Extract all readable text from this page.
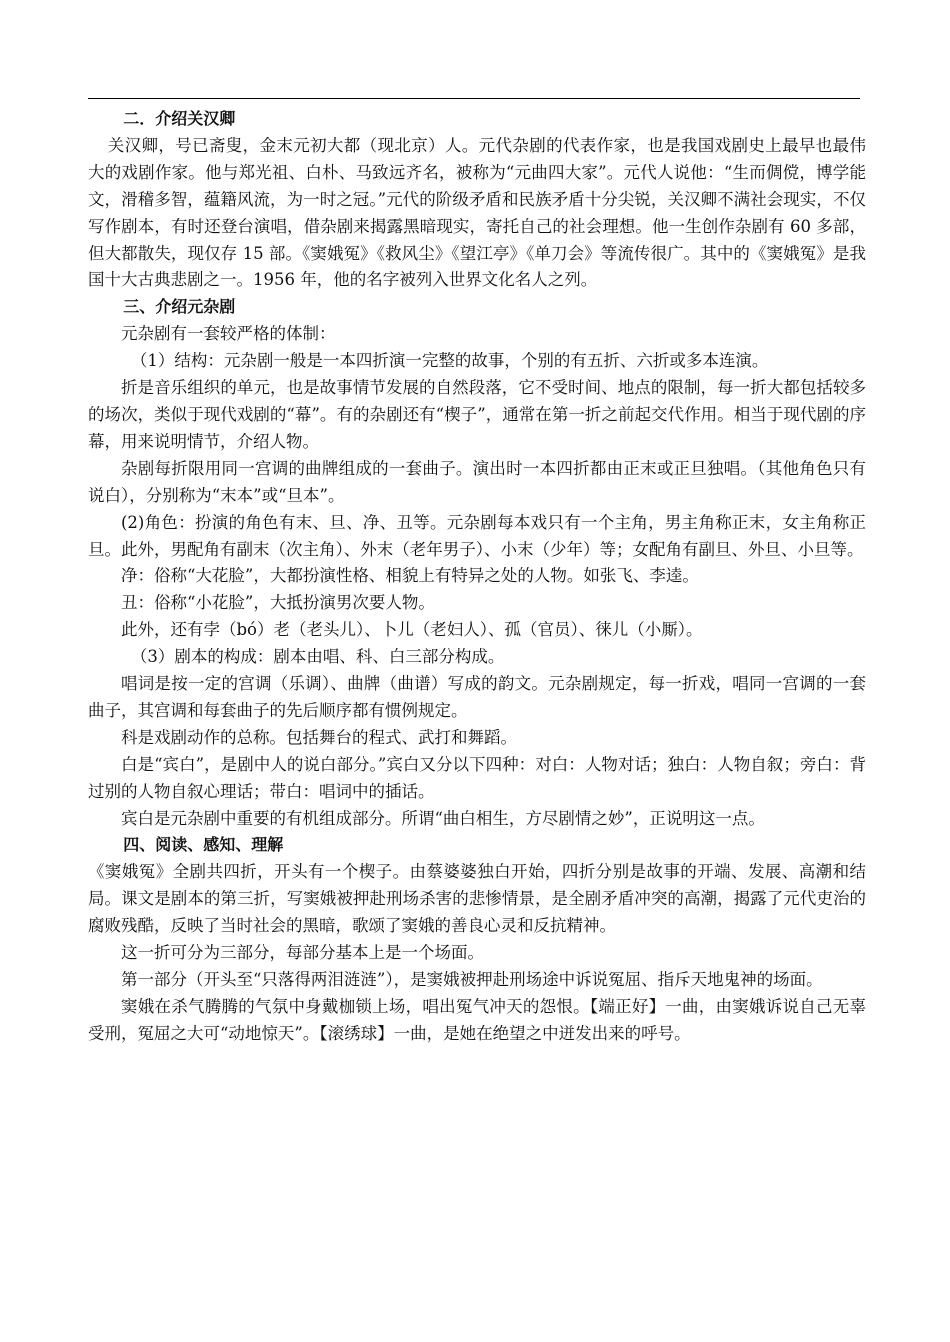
二．介绍关汉卿

关汉卿，号已斋叟，金末元初大都（现北京）人。元代杂剧的代表作家，也是我国戏剧史上最早也最伟大的戏剧作家。他与郑光祖、白朴、马致远齐名，被称为“元曲四大家”。元代人说他：“生而倜傥，博学能文，滑稽多智，蕴籍风流，为一时之冠。”元代的阶级矛盾和民族矛盾十分尖锐，关汉卿不满社会现实，不仅写作剧本，有时还登台演唱，借杂剧来揭露黑暗现实，寄托自己的社会理想。他一生创作杂剧有 60 多部，但大都散失，现仅存 15 部。《窦娥冤》《救风尘》《望江亭》《单刀会》等流传很广。其中的《窦娥冤》是我国十大古典悲剧之一。1956 年，他的名字被列入世界文化名人之列。

三、介绍元杂剧

元杂剧有一套较严格的体制：

（1）结构：元杂剧一般是一本四折演一完整的故事，个别的有五折、六折或多本连演。

折是音乐组织的单元，也是故事情节发展的自然段落，它不受时间、地点的限制，每一折大都包括较多的场次，类似于现代戏剧的“幕”。有的杂剧还有“楔子”，通常在第一折之前起交代作用。相当于现代剧的序幕，用来说明情节，介绍人物。

杂剧每折限用同一宫调的曲牌组成的一套曲子。演出时一本四折都由正末或正旦独唱。（其他角色只有说白），分别称为“末本”或“旦本”。

(2)角色：扮演的角色有末、旦、净、丑等。元杂剧每本戏只有一个主角，男主角称正末，女主角称正旦。此外，男配角有副末（次主角）、外末（老年男子）、小末（少年）等；女配角有副旦、外旦、小旦等。

净：俗称“大花脸”，大都扮演性格、相貌上有特异之处的人物。如张飞、李逵。

丑：俗称“小花脸”，大抵扮演男次要人物。

此外，还有孛（bó）老（老头儿）、卜儿（老妇人）、孤（官员）、徕儿（小厮）。

（3）剧本的构成：剧本由唱、科、白三部分构成。

唱词是按一定的宫调（乐调）、曲牌（曲谱）写成的韵文。元杂剧规定，每一折戏，唱同一宫调的一套曲子，其宫调和每套曲子的先后顺序都有惯例规定。

科是戏剧动作的总称。包括舞台的程式、武打和舞蹈。

白是“宾白”，是剧中人的说白部分。”宾白又分以下四种：对白：人物对话；独白：人物自叙；旁白：背过别的人物自叙心理话；带白：唱词中的插话。

宾白是元杂剧中重要的有机组成部分。所谓“曲白相生，方尽剧情之妙”，正说明这一点。

四、阅读、感知、理解

《窦娥冤》全剧共四折，开头有一个楔子。由蔡婆婆独白开始，四折分别是故事的开端、发展、高潮和结局。课文是剧本的第三折，写窦娥被押赴刑场杀害的悲惨情景，是全剧矛盾冲突的高潮，揭露了元代吏治的腐败残酷，反映了当时社会的黑暗，歌颂了窦娥的善良心灵和反抗精神。

这一折可分为三部分，每部分基本上是一个场面。

第一部分（开头至“只落得两泪涟涟”），是窦娥被押赴刑场途中诉说冤屈、指斥天地鬼神的场面。

窦娥在杀气腾腾的气氛中身戴枷锁上场，唱出冤气冲天的怨恨。【端正好】一曲，由窦娥诉说自己无辜受刑，冤屈之大可“动地惊天”。【滚绣球】一曲，是她在绝望之中迸发出来的呼号。
